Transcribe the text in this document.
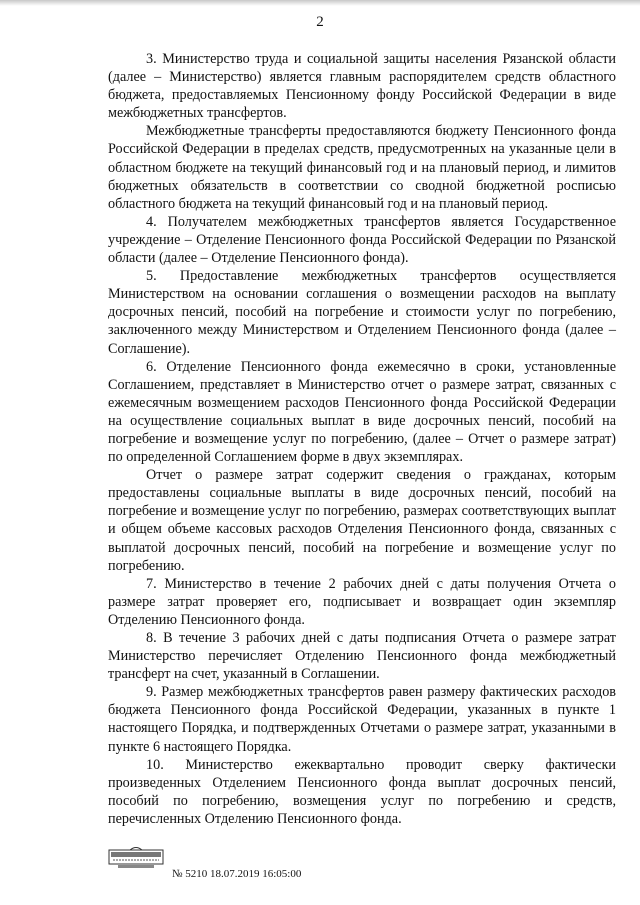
2

3. Министерство труда и социальной защиты населения Рязанской области (далее – Министерство) является главным распорядителем средств областного бюджета, предоставляемых Пенсионному фонду Российской Федерации в виде межбюджетных трансфертов.

Межбюджетные трансферты предоставляются бюджету Пенсионного фонда Российской Федерации в пределах средств, предусмотренных на указанные цели в областном бюджете на текущий финансовый год и на плановый период, и лимитов бюджетных обязательств в соответствии со сводной бюджетной росписью областного бюджета на текущий финансовый год и на плановый период.

4. Получателем межбюджетных трансфертов является Государственное учреждение – Отделение Пенсионного фонда Российской Федерации по Рязанской области (далее – Отделение Пенсионного фонда).

5. Предоставление межбюджетных трансфертов осуществляется Министерством на основании соглашения о возмещении расходов на выплату досрочных пенсий, пособий на погребение и стоимости услуг по погребению, заключенного между Министерством и Отделением Пенсионного фонда (далее – Соглашение).

6. Отделение Пенсионного фонда ежемесячно в сроки, установленные Соглашением, представляет в Министерство отчет о размере затрат, связанных с ежемесячным возмещением расходов Пенсионного фонда Российской Федерации на осуществление социальных выплат в виде досрочных пенсий, пособий на погребение и возмещение услуг по погребению, (далее – Отчет о размере затрат) по определенной Соглашением форме в двух экземплярах.

Отчет о размере затрат содержит сведения о гражданах, которым предоставлены социальные выплаты в виде досрочных пенсий, пособий на погребение и возмещение услуг по погребению, размерах соответствующих выплат и общем объеме кассовых расходов Отделения Пенсионного фонда, связанных с выплатой досрочных пенсий, пособий на погребение и возмещение услуг по погребению.

7. Министерство в течение 2 рабочих дней с даты получения Отчета о размере затрат проверяет его, подписывает и возвращает один экземпляр Отделению Пенсионного фонда.

8. В течение 3 рабочих дней с даты подписания Отчета о размере затрат Министерство перечисляет Отделению Пенсионного фонда межбюджетный трансферт на счет, указанный в Соглашении.

9. Размер межбюджетных трансфертов равен размеру фактических расходов бюджета Пенсионного фонда Российской Федерации, указанных в пункте 1 настоящего Порядка, и подтвержденных Отчетами о размере затрат, указанными в пункте 6 настоящего Порядка.

10. Министерство ежеквартально проводит сверку фактически произведенных Отделением Пенсионного фонда выплат досрочных пенсий, пособий по погребению, возмещения услуг по погребению и средств, перечисленных Отделению Пенсионного фонда.

№ 5210 18.07.2019 16:05:00
